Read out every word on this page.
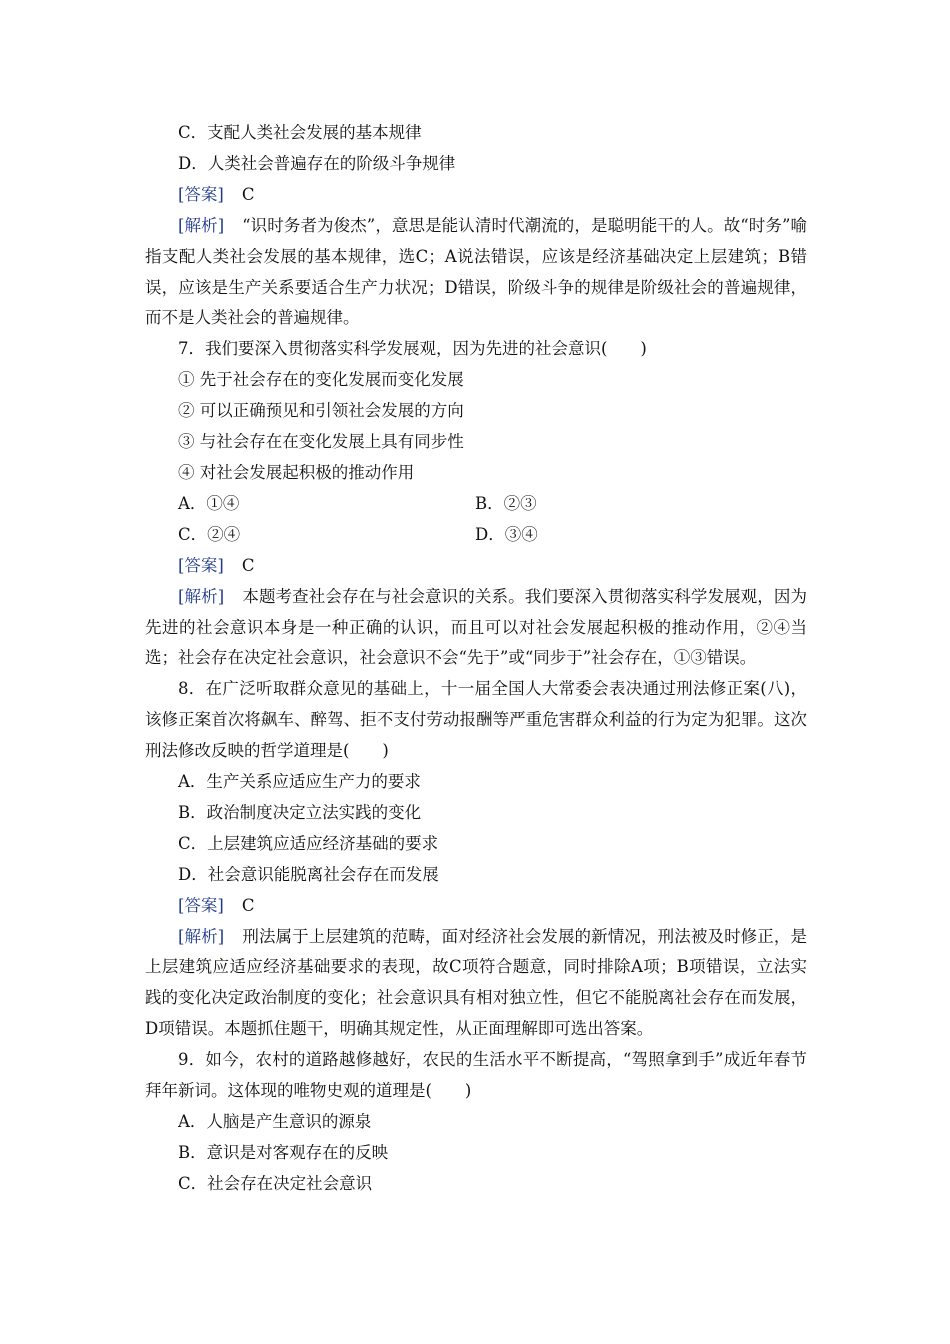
C．支配人类社会发展的基本规律
D．人类社会普遍存在的阶级斗争规律
[答案] C
[解析] “识时务者为俊杰”，意思是能认清时代潮流的，是聪明能干的人。故“时务”喻指支配人类社会发展的基本规律，选C；A说法错误，应该是经济基础决定上层建筑；B错误，应该是生产关系要适合生产力状况；D错误，阶级斗争的规律是阶级社会的普遍规律，而不是人类社会的普遍规律。
7．我们要深入贯彻落实科学发展观，因为先进的社会意识(　　)
① 先于社会存在的变化发展而变化发展
② 可以正确预见和引领社会发展的方向
③ 与社会存在在变化发展上具有同步性
④ 对社会发展起积极的推动作用
A．①④	B．②③
C．②④	D．③④
[答案] C
[解析] 本题考查社会存在与社会意识的关系。我们要深入贯彻落实科学发展观，因为先进的社会意识本身是一种正确的认识，而且可以对社会发展起积极的推动作用，②④当选；社会存在决定社会意识，社会意识不会“先于”或“同步于”社会存在，①③错误。
8．在广泛听取群众意见的基础上，十一届全国人大常委会表决通过刑法修正案(八)，该修正案首次将飙车、醉驾、拒不支付劳动报酬等严重危害群众利益的行为定为犯罪。这次刑法修改反映的哲学道理是(　　)
A．生产关系应适应生产力的要求
B．政治制度决定立法实践的变化
C．上层建筑应适应经济基础的要求
D．社会意识能脱离社会存在而发展
[答案] C
[解析] 刑法属于上层建筑的范畴，面对经济社会发展的新情况，刑法被及时修正，是上层建筑应适应经济基础要求的表现，故C项符合题意，同时排除A项；B项错误，立法实践的变化决定政治制度的变化；社会意识具有相对独立性，但它不能脱离社会存在而发展，D项错误。本题抓住题干，明确其规定性，从正面理解即可选出答案。
9．如今，农村的道路越修越好，农民的生活水平不断提高，“驾照拿到手”成近年春节拜年新词。这体现的唯物史观的道理是(　　)
A．人脑是产生意识的源泉
B．意识是对客观存在的反映
C．社会存在决定社会意识
